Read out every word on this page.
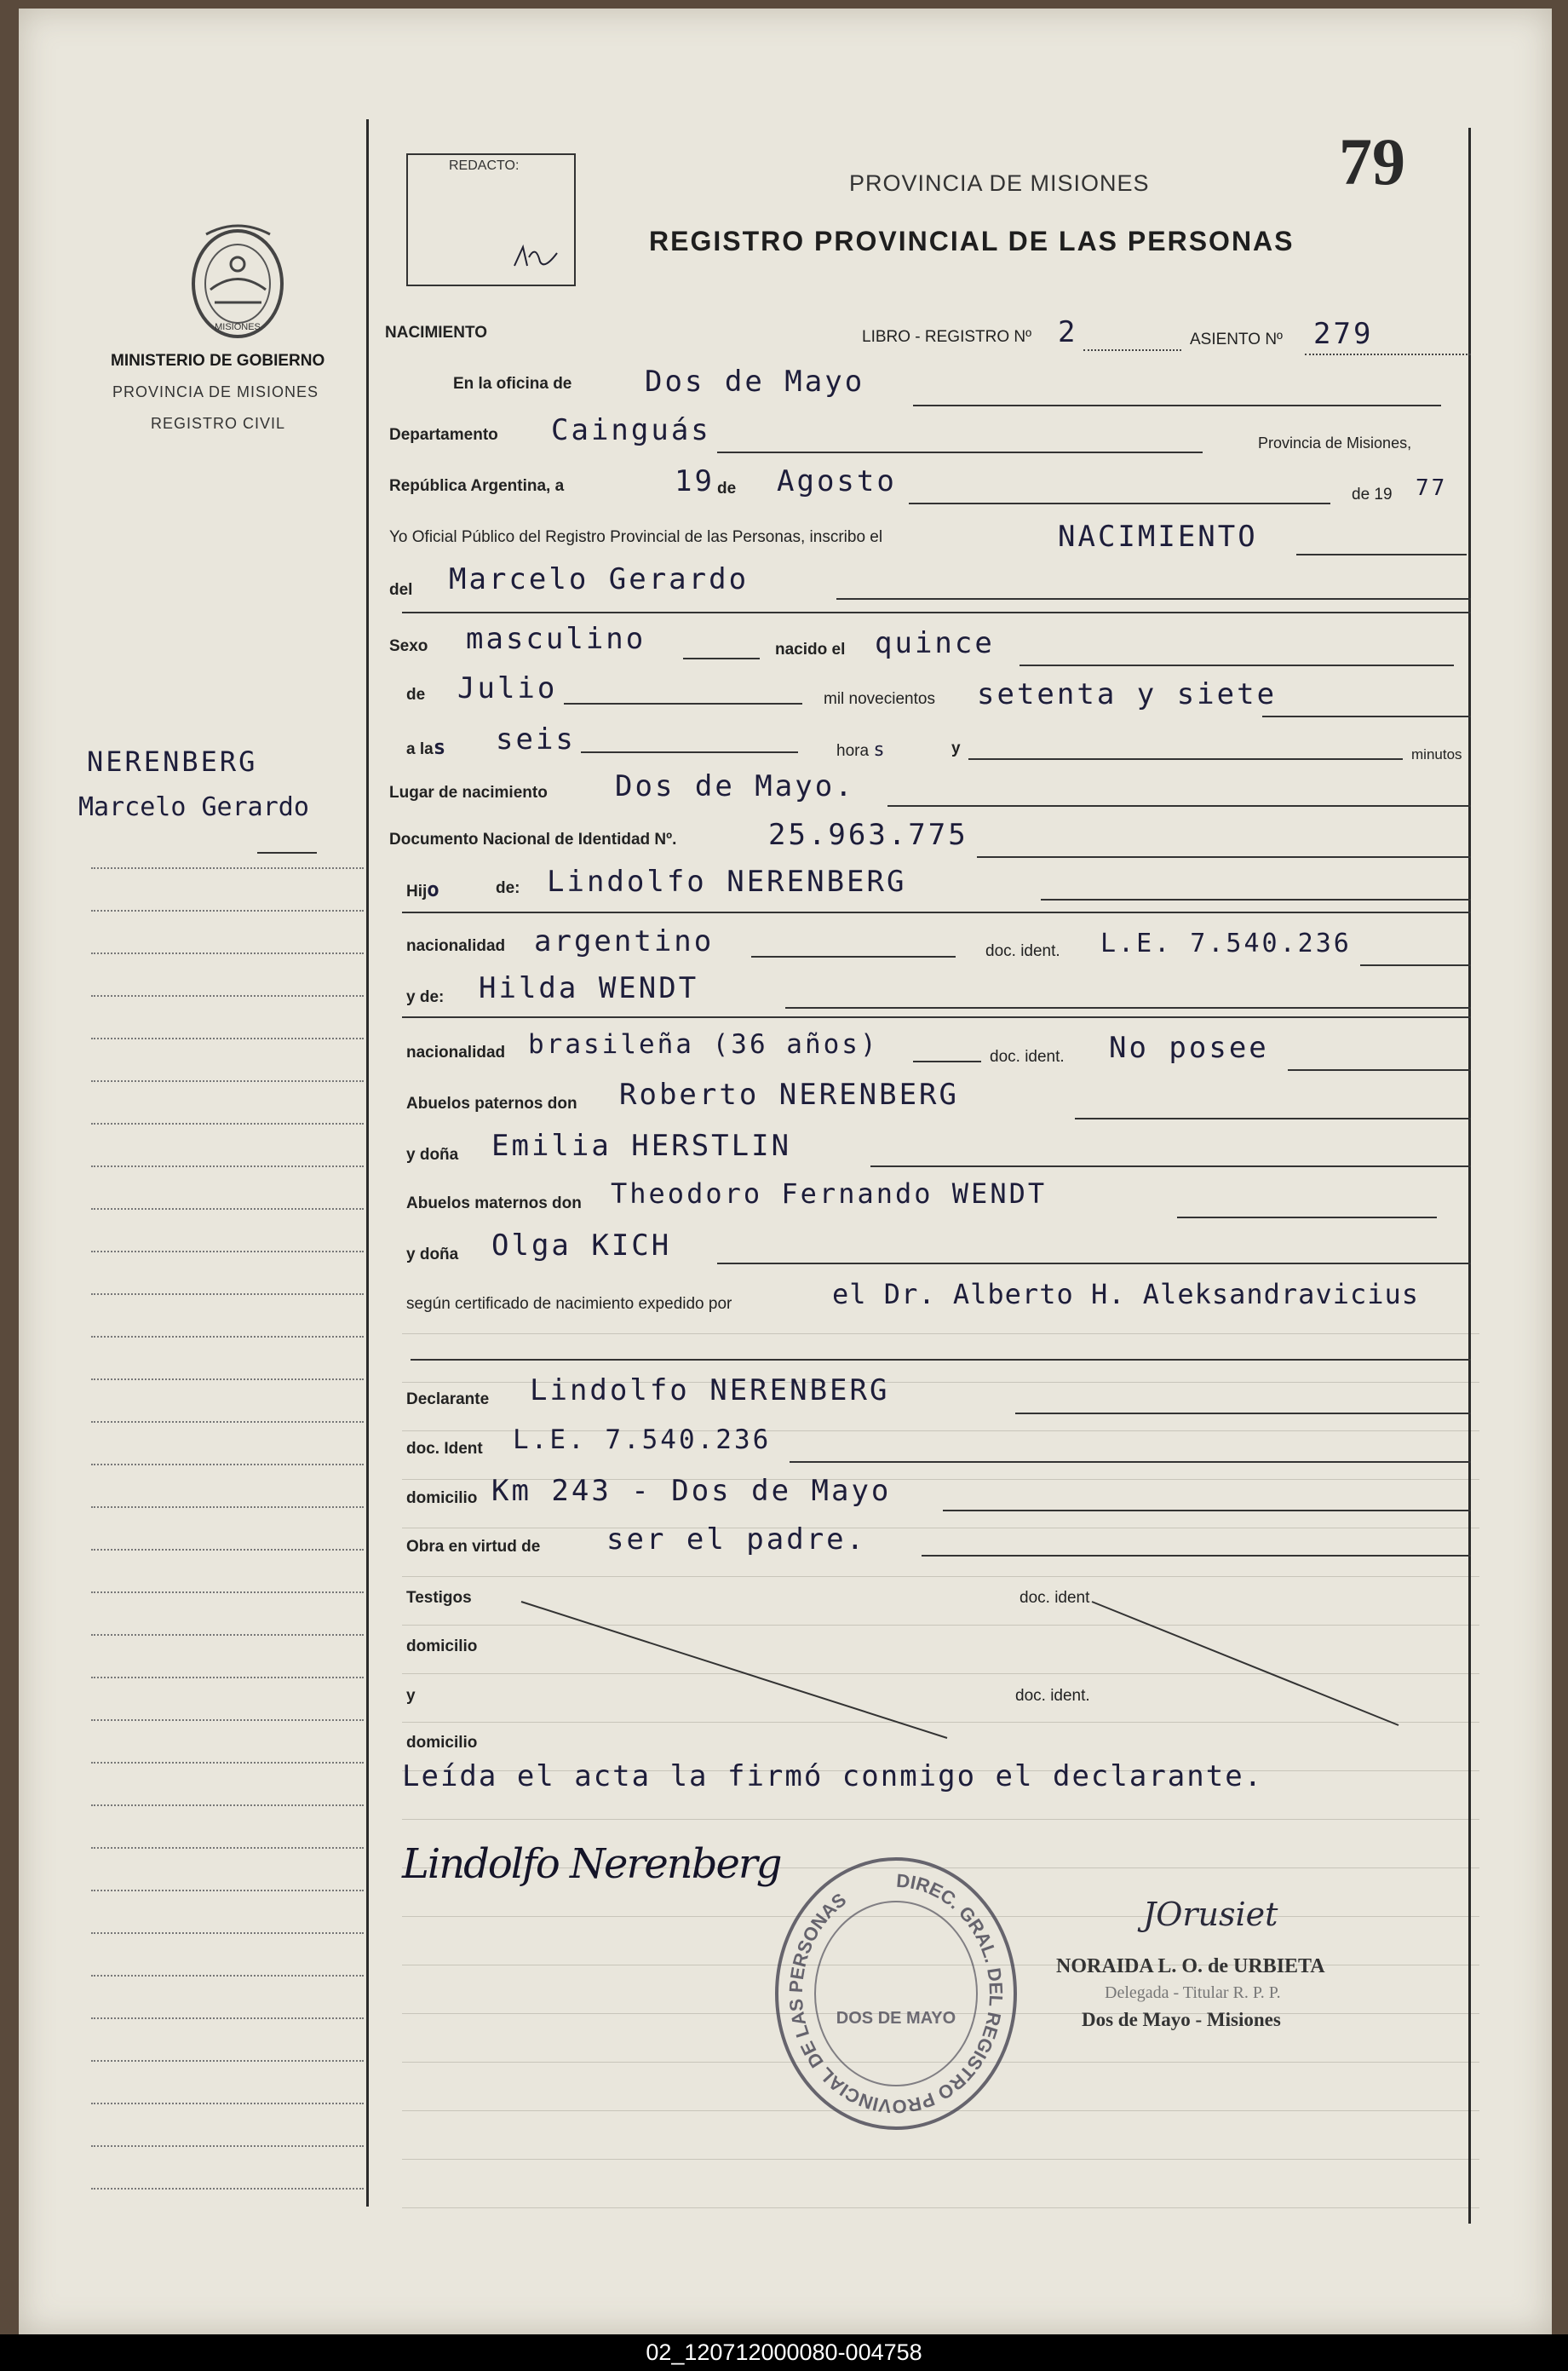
MISIONES
MINISTERIO DE GOBIERNO
PROVINCIA DE MISIONES
REGISTRO CIVIL
NERENBERG
Marcelo Gerardo
REDACTO:	79
PROVINCIA DE MISIONES
REGISTRO PROVINCIAL DE LAS PERSONAS
NACIMIENTO	LIBRO - REGISTRO Nº 2	ASIENTO Nº 279
En la oficina de	Dos de Mayo
Departamento Cainguás	Provincia de Misiones,
República Argentina, a	19 de Agosto	de 19 77
Yo Oficial Público del Registro Provincial de las Personas, inscribo el	NACIMIENTO
del Marcelo Gerardo
Sexo masculino	nacido el quince
de Julio	mil novecientos setenta y siete
a las seis	hora s	y	minutos
Lugar de nacimiento Dos de Mayo.
Documento Nacional de Identidad Nº.	25.963.775
Hijo	de: Lindolfo NERENBERG
nacionalidad argentino	doc. ident. L.E. 7.540.236
y de: Hilda WENDT
nacionalidad brasileña (36 años)	doc. ident. No posee
Abuelos paternos don Roberto NERENBERG
y doña Emilia HERSTLIN
Abuelos maternos don Theodoro Fernando WENDT
y doña Olga KICH
según certificado de nacimiento expedido por	el Dr. Alberto H. Aleksandravicius
Declarante Lindolfo NERENBERG
doc. Ident L.E. 7.540.236
domicilio Km 243 - Dos de Mayo
Obra en virtud de ser el padre.
Testigos	doc. ident
domicilio
y	doc. ident.
domicilio
Leída el acta la firmó conmigo el declarante.
Lindolfo Nerenberg
JOrusiet
NORAIDA L. O. de URBIETA
Delegada - Titular R. P. P.
Dos de Mayo - Misiones
DIREC. GRAL. DEL REGISTRO PROVINCIAL DE LAS PERSONAS
DOS DE MAYO
02_120712000080-004758
